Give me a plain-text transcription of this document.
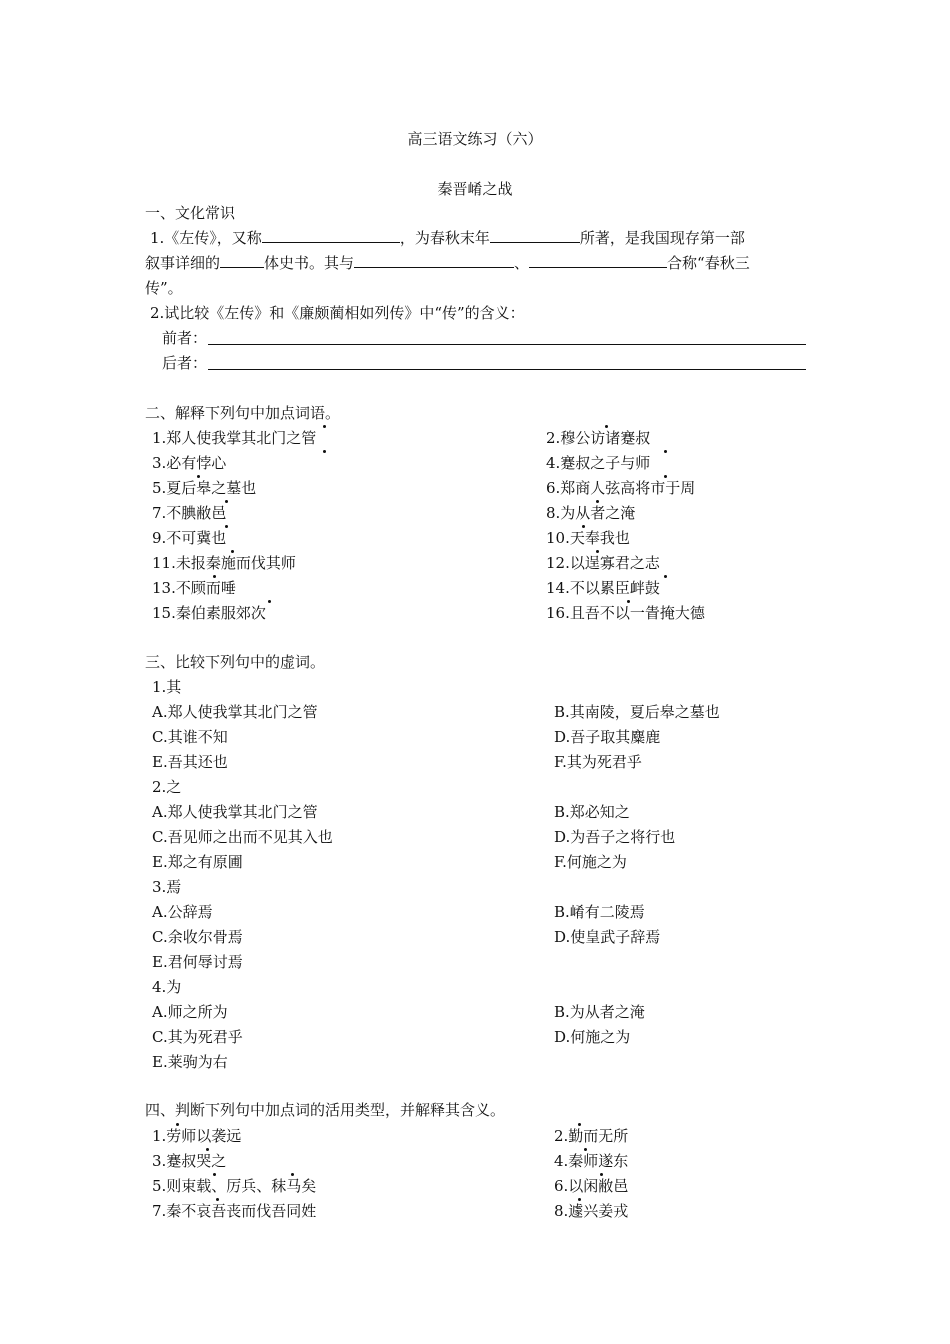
高三语文练习（六）
秦晋崤之战
一、文化常识
1.《左传》，又称	，为春秋末年	所著，是我国现存第一部
叙事详细的	体史书。其与	、	合称“春秋三
传”。
2.试比较《左传》和《廉颇蔺相如列传》中“传”的含义：
前者：
后者：
二、解释下列句中加点词语。
1.郑人使我掌其北门之管	2.穆公访诸蹇叔
3.必有悖心	4.蹇叔之子与师
5.夏后皋之墓也	6.郑商人弦高将市于周
7.不腆敝邑	8.为从者之淹
9.不可冀也	10.天奉我也
11.未报秦施而伐其师	12.以逞寡君之志
13.不顾而唾	14.不以累臣衅鼓
15.秦伯素服郊次	16.且吾不以一眚掩大德
三、比较下列句中的虚词。
1.其
A.郑人使我掌其北门之管	B.其南陵，夏后皋之墓也
C.其谁不知	D.吾子取其麋鹿
E.吾其还也	F.其为死君乎
2.之
A.郑人使我掌其北门之管	B.郑必知之
C.吾见师之出而不见其入也	D.为吾子之将行也
E.郑之有原圃	F.何施之为
3.焉
A.公辞焉	B.崤有二陵焉
C.余收尔骨焉	D.使皇武子辞焉
E.君何辱讨焉
4.为
A.师之所为	B.为从者之淹
C.其为死君乎	D.何施之为
E.莱驹为右
四、判断下列句中加点词的活用类型，并解释其含义。
1.劳师以袭远	2.勤而无所
3.蹇叔哭之	4.秦师遂东
5.则束载、厉兵、秣马矣	6.以闲敝邑
7.秦不哀吾丧而伐吾同姓	8.遽兴姜戎
